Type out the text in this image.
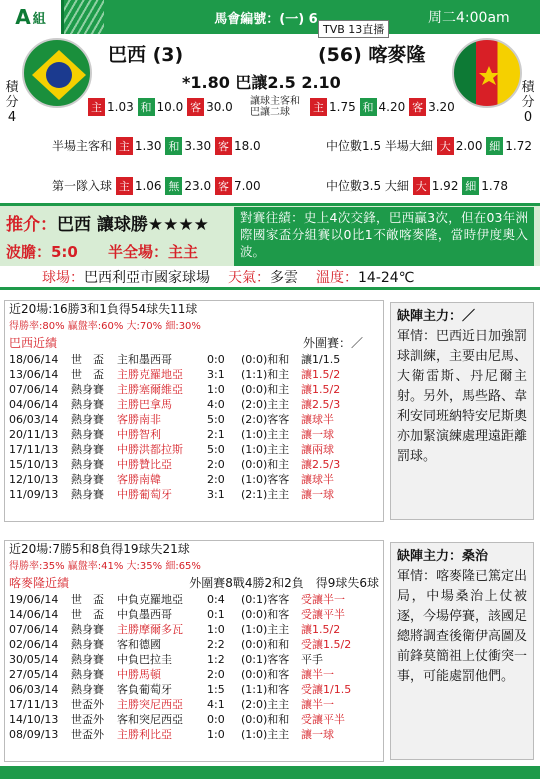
A 組	馬會編號：(一) 6	周二4:00am
TVB 13直播
積分
4
積分
0
巴西 (3)	(56) 喀麥隆
*1.80 巴讓2.5 2.10
主 1.03 和 10.0 客 30.0 讓球主客和 巴讓二球	主 1.75 和 4.20 客 3.20
半場主客和 主 1.30 和 3.30 客 18.0	中位數1.5 半場大細 大 2.00 細 1.72
第一隊入球 主 1.06 無 23.0 客 7.00	中位數3.5 大細 大 1.92 細 1.78
推介：巴西 讓球勝★★★★
波膽：5:0 半全場：主主
對賽往績：史上4次交鋒，巴西贏3次，但在03年洲際國家盃分組賽以0比1不敵喀麥隆，當時伊度奧入波。
球場：巴西利亞市國家球場 天氣：多雲 溫度：14-24℃
近20場:16勝3和1負得54球失11球
得勝率:80% 贏盤率:60% 大:70% 細:30%
巴西近績	外圍賽：／
18/06/14	世　盃	主和墨西哥	0:0	(0:0)和和	讓1/1.5
13/06/14	世　盃	主勝克羅地亞	3:1	(1:1)和主	讓1.5/2
07/06/14	熱身賽	主勝塞爾維亞	1:0	(0:0)和主	讓1.5/2
04/06/14	熱身賽	主勝巴拿馬	4:0	(2:0)主主	讓2.5/3
06/03/14	熱身賽	客勝南非	5:0	(2:0)客客	讓球半
20/11/13	熱身賽	中勝智利	2:1	(1:0)主主	讓一球
17/11/13	熱身賽	中勝洪都拉斯	5:0	(1:0)主主	讓兩球
15/10/13	熱身賽	中勝贊比亞	2:0	(0:0)和主	讓2.5/3
12/10/13	熱身賽	客勝南韓	2:0	(1:0)客客	讓球半
11/09/13	熱身賽	中勝葡萄牙	3:1	(2:1)主主	讓一球
缺陣主力：／
軍情：巴西近日加強罰球訓練，主要由尼馬、大衛雷斯、丹尼爾主射。另外，馬些路、韋利安同班納特安尼斯奧亦加緊演練處理遠距離罰球。
近20場:7勝5和8負得19球失21球
得勝率:35% 贏盤率:41% 大:35% 細:65%
喀麥隆近績	外圍賽8戰4勝2和2負　得9球失6球
19/06/14	世　盃	中負克羅地亞	0:4	(0:1)客客	受讓半一
14/06/14	世　盃	中負墨西哥	0:1	(0:0)和客	受讓平半
07/06/14	熱身賽	主勝摩爾多瓦	1:0	(1:0)主主	讓1.5/2
02/06/14	熱身賽	客和德國	2:2	(0:0)和和	受讓1.5/2
30/05/14	熱身賽	中負巴拉圭	1:2	(0:1)客客	平手
27/05/14	熱身賽	中勝馬頓	2:0	(0:0)和客	讓半一
06/03/14	熱身賽	客負葡萄牙	1:5	(1:1)和客	受讓1/1.5
17/11/13	世盃外	主勝突尼西亞	4:1	(2:0)主主	讓半一
14/10/13	世盃外	客和突尼西亞	0:0	(0:0)和和	受讓平半
08/09/13	世盃外	主勝利比亞	1:0	(1:0)主主	讓一球
缺陣主力：桑治
軍情：喀麥隆已篤定出局，中場桑治上仗被逐，今場停賽，該國足總將調查後衛伊高圖及前鋒莫簡祖上仗衝突一事，可能處罰他們。
